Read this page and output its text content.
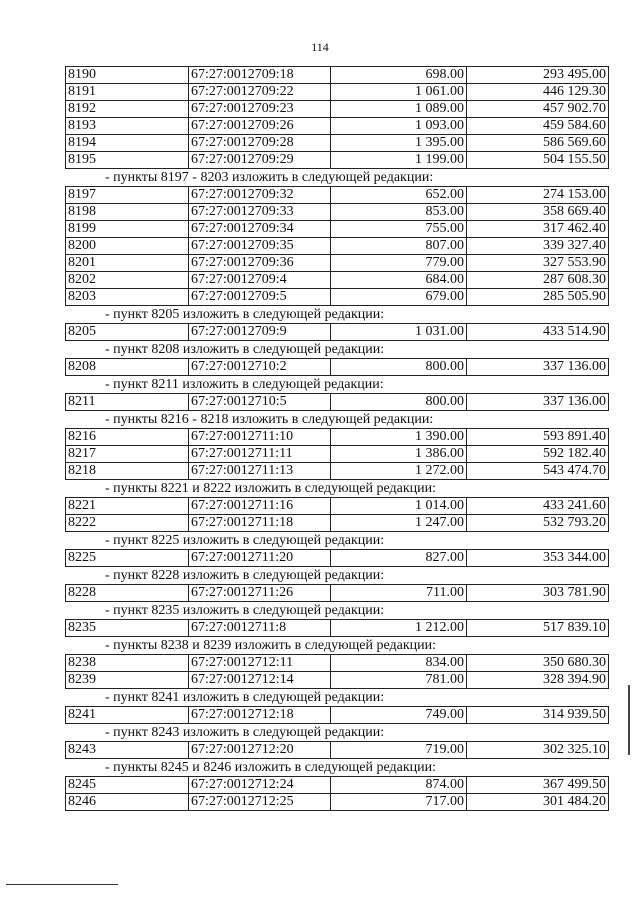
114
8190	67:27:0012709:18	698.00	293 495.00
8191	67:27:0012709:22	1 061.00	446 129.30
8192	67:27:0012709:23	1 089.00	457 902.70
8193	67:27:0012709:26	1 093.00	459 584.60
8194	67:27:0012709:28	1 395.00	586 569.60
8195	67:27:0012709:29	1 199.00	504 155.50
- пункты 8197 - 8203 изложить в следующей редакции:
8197	67:27:0012709:32	652.00	274 153.00
8198	67:27:0012709:33	853.00	358 669.40
8199	67:27:0012709:34	755.00	317 462.40
8200	67:27:0012709:35	807.00	339 327.40
8201	67:27:0012709:36	779.00	327 553.90
8202	67:27:0012709:4	684.00	287 608.30
8203	67:27:0012709:5	679.00	285 505.90
- пункт 8205 изложить в следующей редакции:
8205	67:27:0012709:9	1 031.00	433 514.90
- пункт 8208 изложить в следующей редакции:
8208	67:27:0012710:2	800.00	337 136.00
- пункт 8211 изложить в следующей редакции:
8211	67:27:0012710:5	800.00	337 136.00
- пункты 8216 - 8218 изложить в следующей редакции:
8216	67:27:0012711:10	1 390.00	593 891.40
8217	67:27:0012711:11	1 386.00	592 182.40
8218	67:27:0012711:13	1 272.00	543 474.70
- пункты 8221 и 8222 изложить в следующей редакции:
8221	67:27:0012711:16	1 014.00	433 241.60
8222	67:27:0012711:18	1 247.00	532 793.20
- пункт 8225 изложить в следующей редакции:
8225	67:27:0012711:20	827.00	353 344.00
- пункт 8228 изложить в следующей редакции:
8228	67:27:0012711:26	711.00	303 781.90
- пункт 8235 изложить в следующей редакции:
8235	67:27:0012711:8	1 212.00	517 839.10
- пункты 8238 и 8239 изложить в следующей редакции:
8238	67:27:0012712:11	834.00	350 680.30
8239	67:27:0012712:14	781.00	328 394.90
- пункт 8241 изложить в следующей редакции:
8241	67:27:0012712:18	749.00	314 939.50
- пункт 8243 изложить в следующей редакции:
8243	67:27:0012712:20	719.00	302 325.10
- пункты 8245 и 8246 изложить в следующей редакции:
8245	67:27:0012712:24	874.00	367 499.50
8246	67:27:0012712:25	717.00	301 484.20
